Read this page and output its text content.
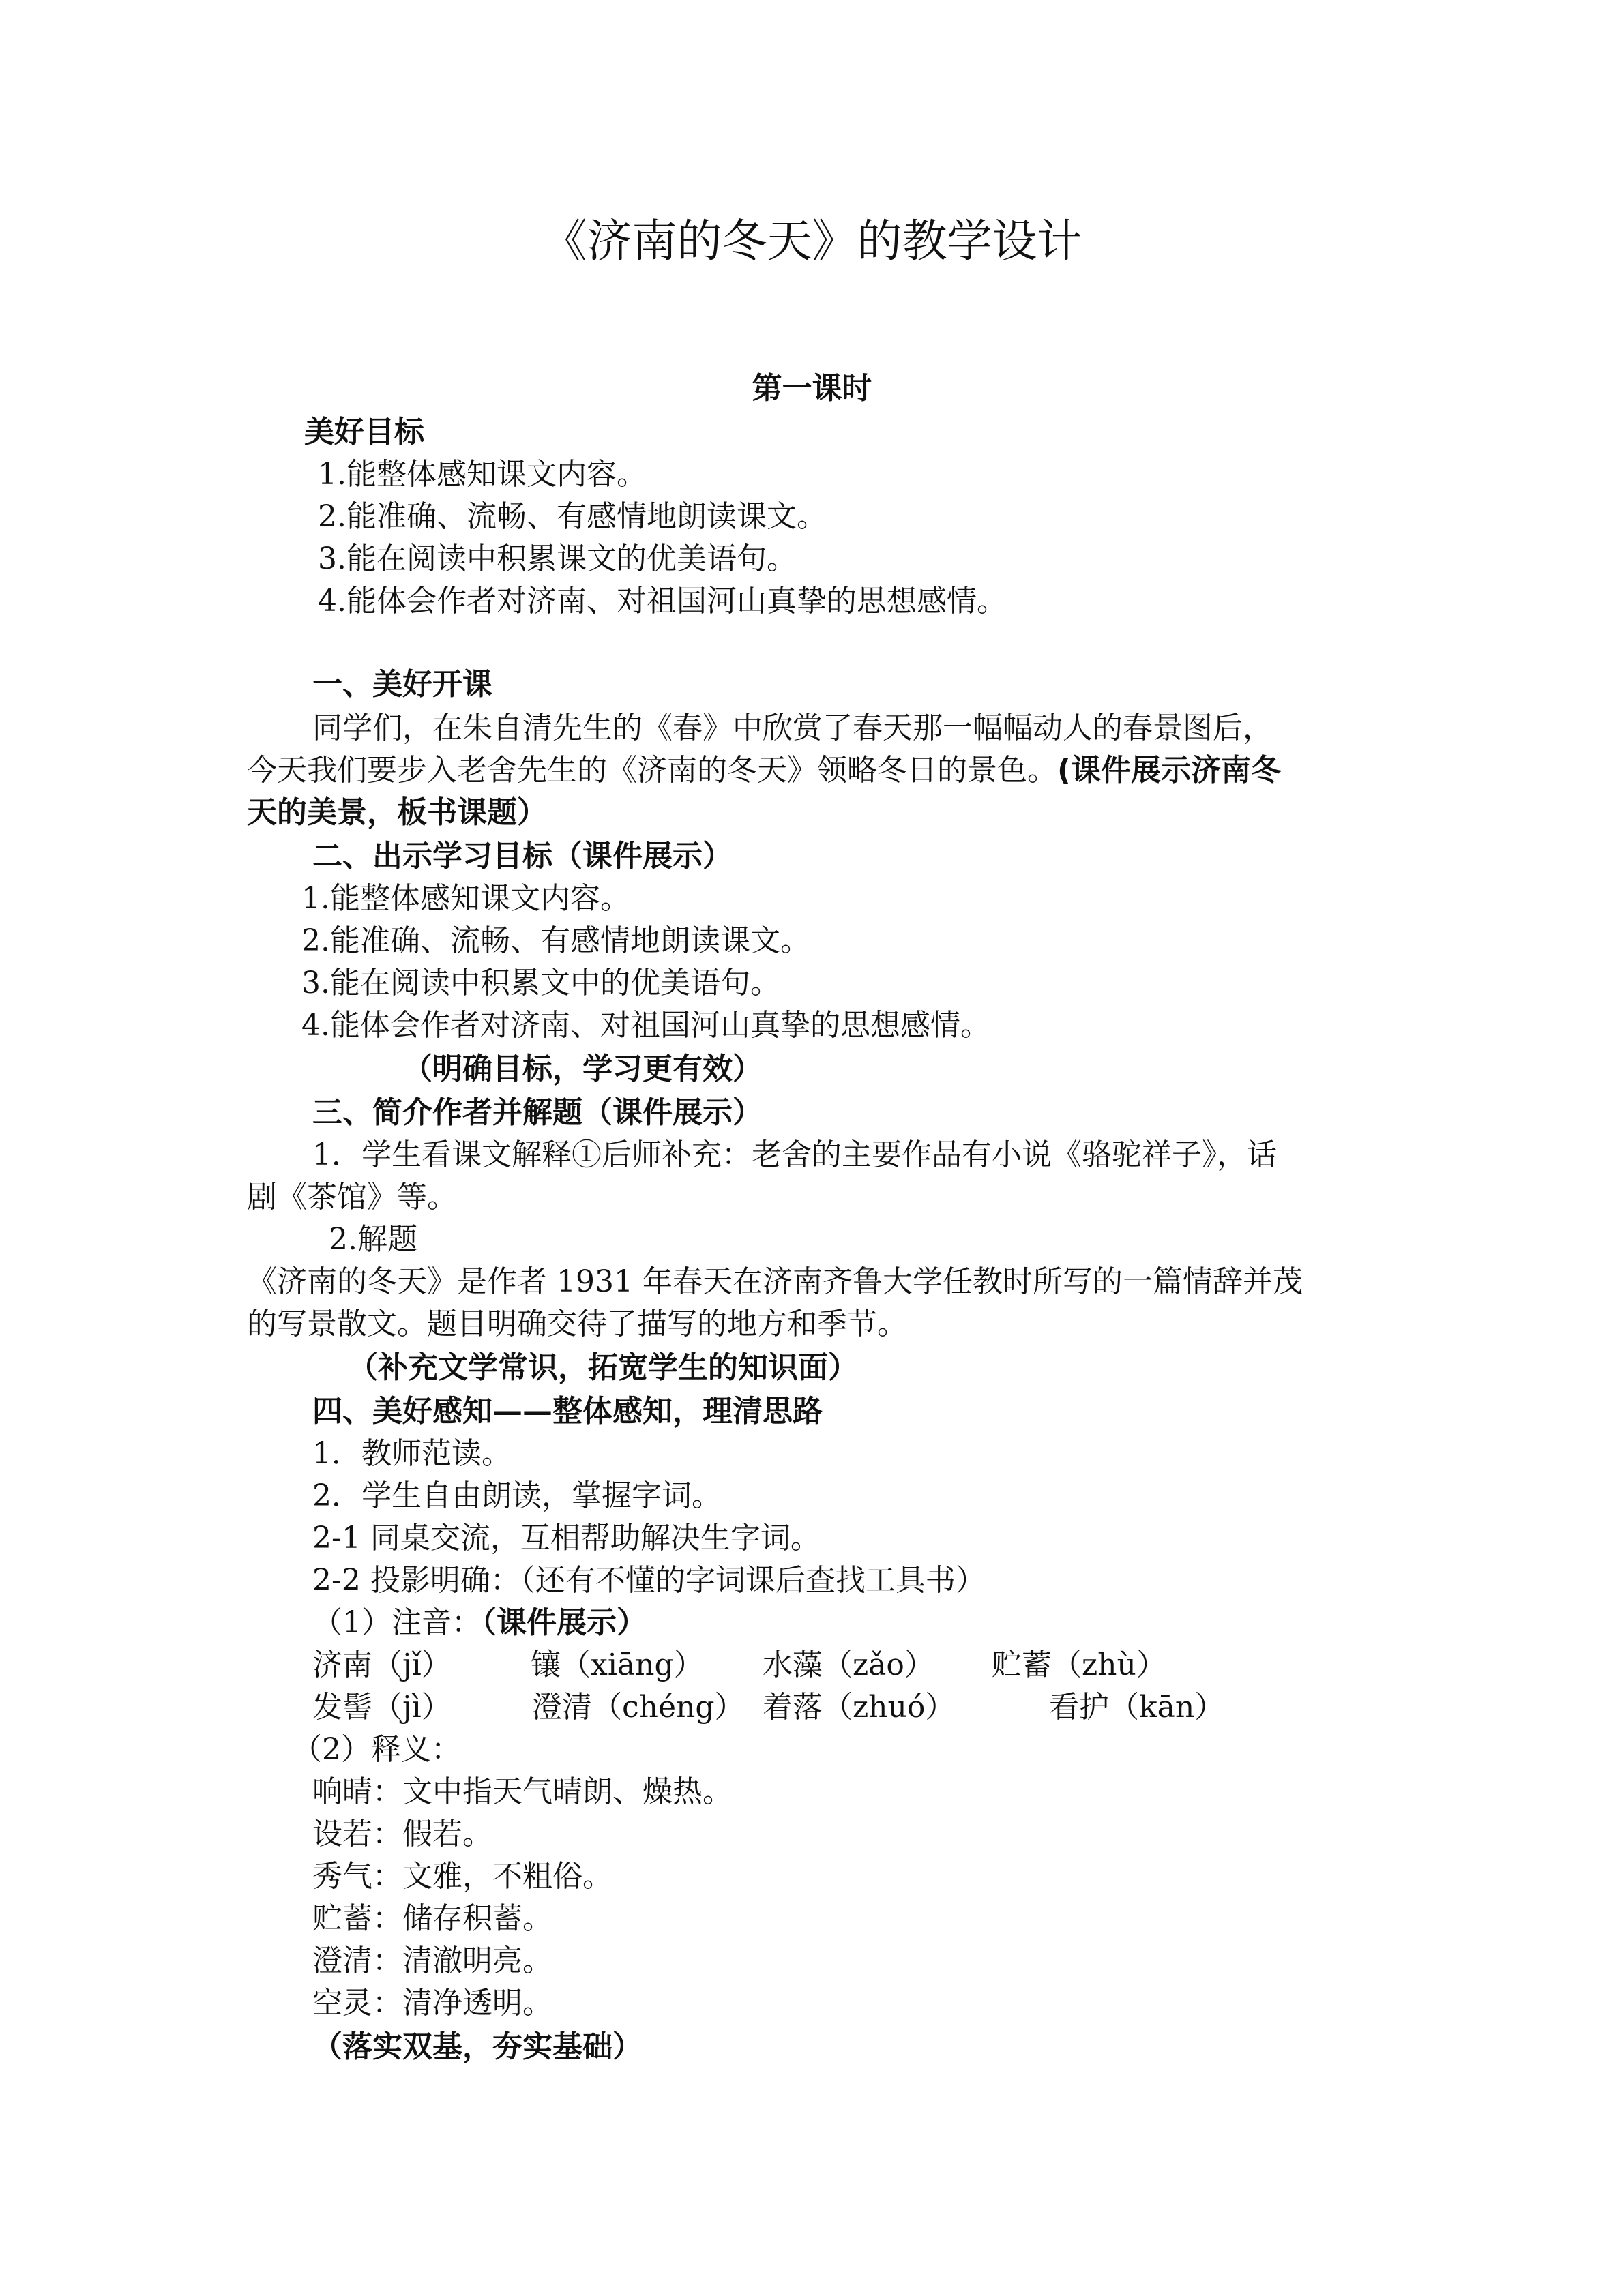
《济南的冬天》的教学设计
第一课时
美好目标
1.能整体感知课文内容。
2.能准确、流畅、有感情地朗读课文。
3.能在阅读中积累课文的优美语句。
4.能体会作者对济南、对祖国河山真挚的思想感情。
一、美好开课
同学们，在朱自清先生的《春》中欣赏了春天那一幅幅动人的春景图后，
今天我们要步入老舍先生的《济南的冬天》领略冬日的景色。(课件展示济南冬
天的美景，板书课题）
二、出示学习目标（课件展示）
1.能整体感知课文内容。
2.能准确、流畅、有感情地朗读课文。
3.能在阅读中积累文中的优美语句。
4.能体会作者对济南、对祖国河山真挚的思想感情。
（明确目标，学习更有效）
三、简介作者并解题（课件展示）
1．学生看课文解释①后师补充：老舍的主要作品有小说《骆驼祥子》，话
剧《茶馆》等。
2.解题
《济南的冬天》是作者 1931 年春天在济南齐鲁大学任教时所写的一篇情辞并茂
的写景散文。题目明确交待了描写的地方和季节。
（补充文学常识，拓宽学生的知识面）
四、美好感知——整体感知，理清思路
1．教师范读。
2．学生自由朗读，掌握字词。
2-1 同桌交流，互相帮助解决生字词。
2-2 投影明确：（还有不懂的字词课后查找工具书）
（1）注音：（课件展示）
济南（jǐ）	镶（xiāng） 水藻（zǎo） 贮蓄（zhù）
发髻（jì）	澄清（chéng） 着落（zhuó）	看护（kān）
（2）释义：
响晴：文中指天气晴朗、燥热。
设若：假若。
秀气：文雅，不粗俗。
贮蓄：储存积蓄。
澄清：清澈明亮。
空灵：清净透明。
（落实双基，夯实基础）
